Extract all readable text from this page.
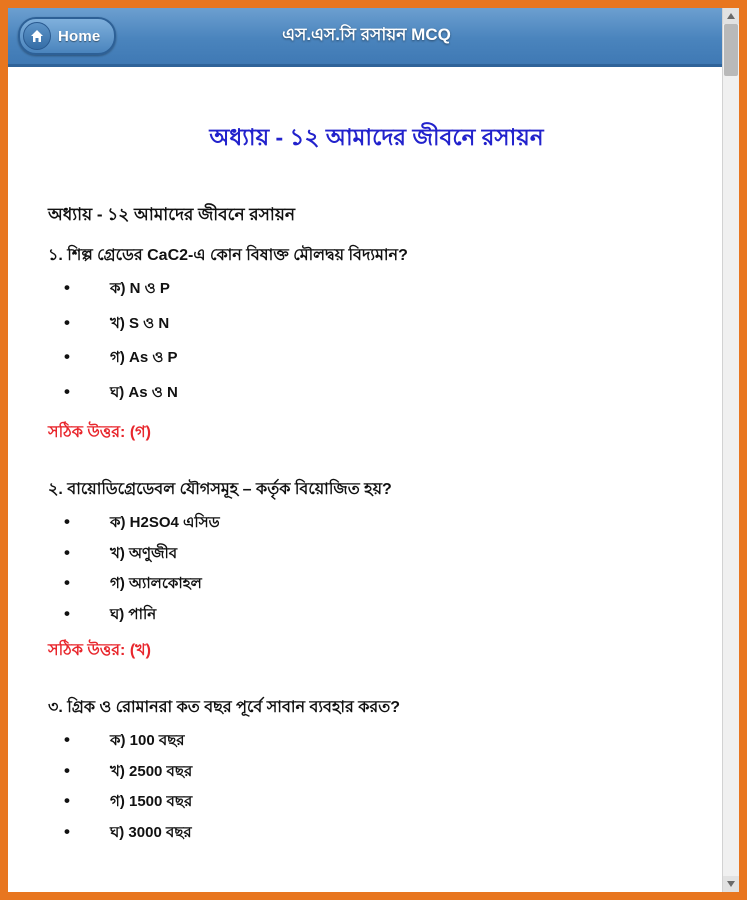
Home	এস.এস.সি রসায়ন MCQ
অধ্যায় - ১২ আমাদের জীবনে রসায়ন
অধ্যায় - ১২ আমাদের জীবনে রসায়ন
১. শিল্প গ্রেডের CaC2-এ কোন বিষাক্ত মৌলদ্বয় বিদ্যমান?
• ক) N ও P
• খ) S ও N
• গ) As ও P
• ঘ) As ও N
সঠিক উত্তর: (গ)
২. বায়োডিগ্রেডেবল যৌগসমূহ – কর্তৃক বিয়োজিত হয়?
• ক) H2SO4 এসিড
• খ) অণুজীব
• গ) অ্যালকোহল
• ঘ) পানি
সঠিক উত্তর: (খ)
৩. গ্রিক ও রোমানরা কত বছর পূর্বে সাবান ব্যবহার করত?
• ক) 100 বছর
• খ) 2500 বছর
• গ) 1500 বছর
• ঘ) 3000 বছর
